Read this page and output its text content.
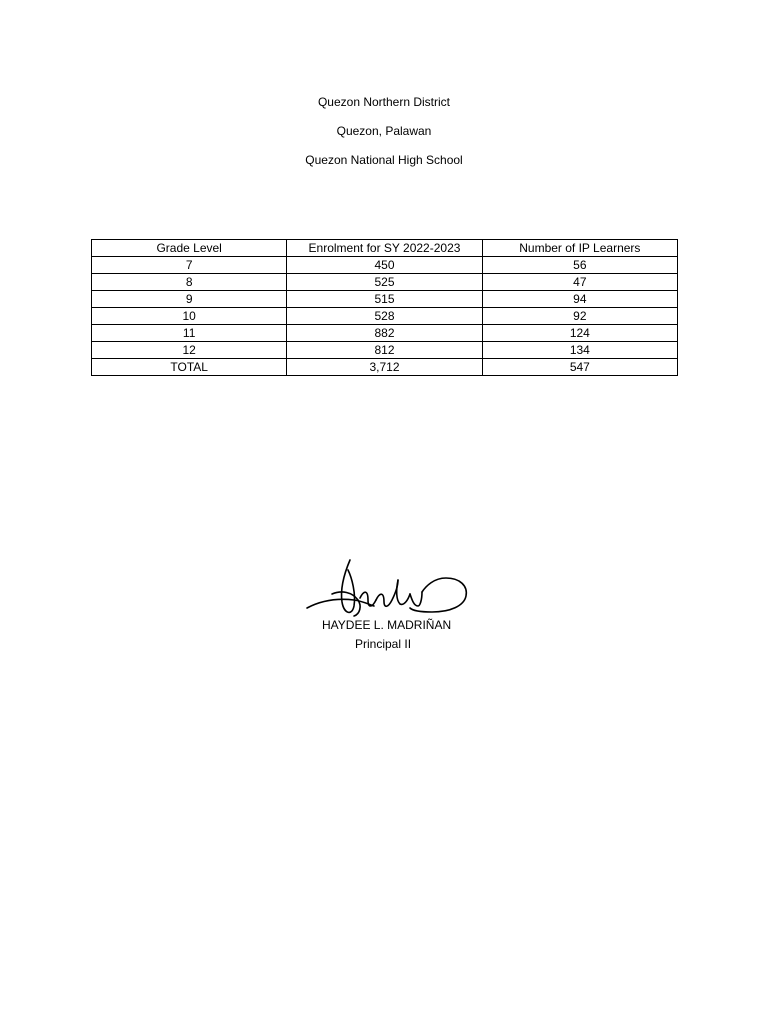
Quezon Northern District
Quezon, Palawan
Quezon National High School
Grade Level	Enrolment for SY 2022-2023	Number of IP Learners
7	450	56
8	525	47
9	515	94
10	528	92
11	882	124
12	812	134
TOTAL	3,712	547
HAYDEE L. MADRIÑAN
Principal II
